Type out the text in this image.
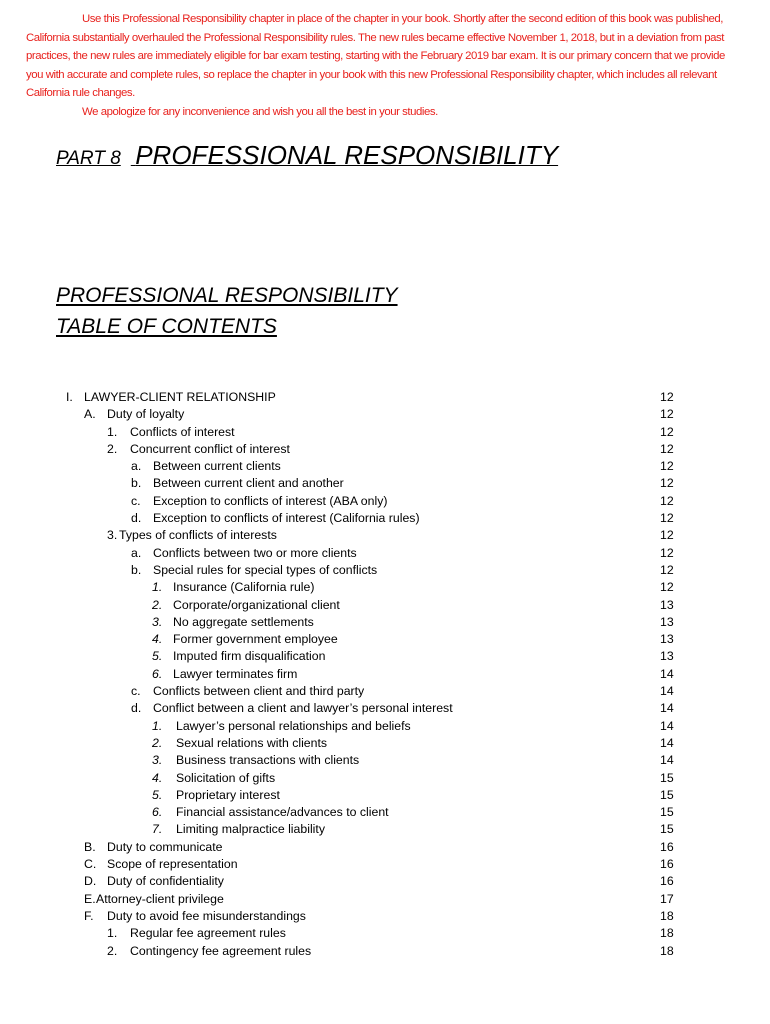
Use this Professional Responsibility chapter in place of the chapter in your book. Shortly after the second edition of this book was published, California substantially overhauled the Professional Responsibility rules. The new rules became effective November 1, 2018, but in a deviation from past practices, the new rules are immediately eligible for bar exam testing, starting with the February 2019 bar exam. It is our primary concern that we provide you with accurate and complete rules, so replace the chapter in your book with this new Professional Responsibility chapter, which includes all relevant California rule changes.

We apologize for any inconvenience and wish you all the best in your studies.

PART 8 PROFESSIONAL RESPONSIBILITY
PROFESSIONAL RESPONSIBILITY
TABLE OF CONTENTS
I. LAWYER-CLIENT RELATIONSHIP	12
A. Duty of loyalty	12
1. Conflicts of interest	12
2. Concurrent conflict of interest	12
a. Between current clients	12
b. Between current client and another	12
c. Exception to conflicts of interest (ABA only)	12
d. Exception to conflicts of interest (California rules)	12
3. Types of conflicts of interests	12
a. Conflicts between two or more clients	12
b. Special rules for special types of conflicts	12
1. Insurance (California rule)	12
2. Corporate/organizational client	13
3. No aggregate settlements	13
4. Former government employee	13
5. Imputed firm disqualification	13
6. Lawyer terminates firm	14
c. Conflicts between client and third party	14
d. Conflict between a client and lawyer’s personal interest	14
1. Lawyer’s personal relationships and beliefs	14
2. Sexual relations with clients	14
3. Business transactions with clients	14
4. Solicitation of gifts	15
5. Proprietary interest	15
6. Financial assistance/advances to client	15
7. Limiting malpractice liability	15
B. Duty to communicate	16
C. Scope of representation	16
D. Duty of confidentiality	16
E. Attorney-client privilege	17
F. Duty to avoid fee misunderstandings	18
1. Regular fee agreement rules	18
2. Contingency fee agreement rules	18
